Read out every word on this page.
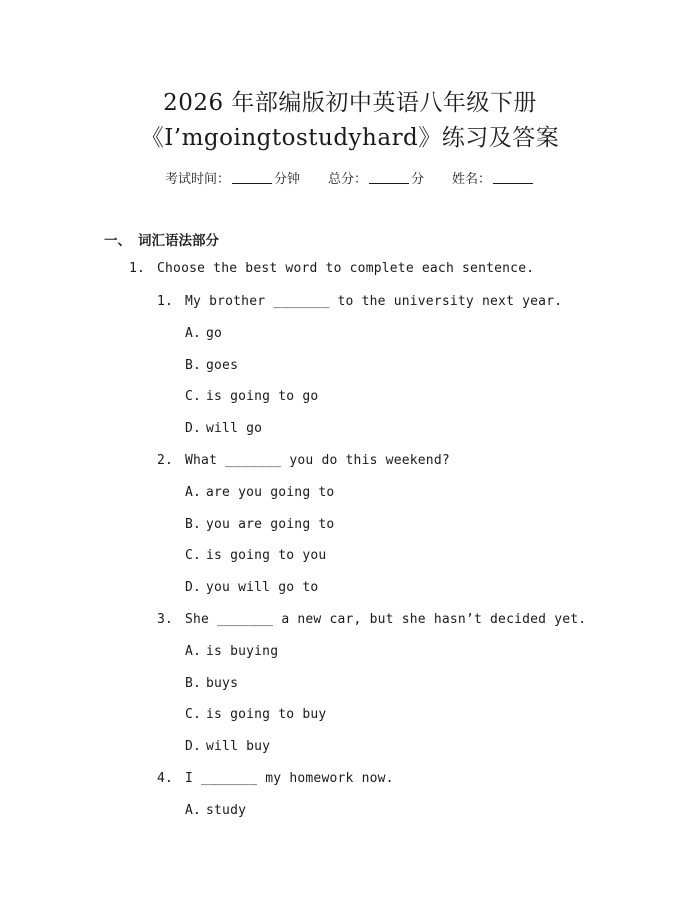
2026 年部编版初中英语八年级下册
《I’mgoingtostudyhard》练习及答案
考试时间：	分钟 总分：	分 姓名：
一、 词汇语法部分
1. Choose the best word to complete each sentence.
1. My brother _______ to the university next year.
A. go
B. goes
C. is going to go
D. will go
2. What _______ you do this weekend?
A. are you going to
B. you are going to
C. is going to you
D. you will go to
3. She _______ a new car, but she hasn’t decided yet.
A. is buying
B. buys
C. is going to buy
D. will buy
4. I _______ my homework now.
A. study
